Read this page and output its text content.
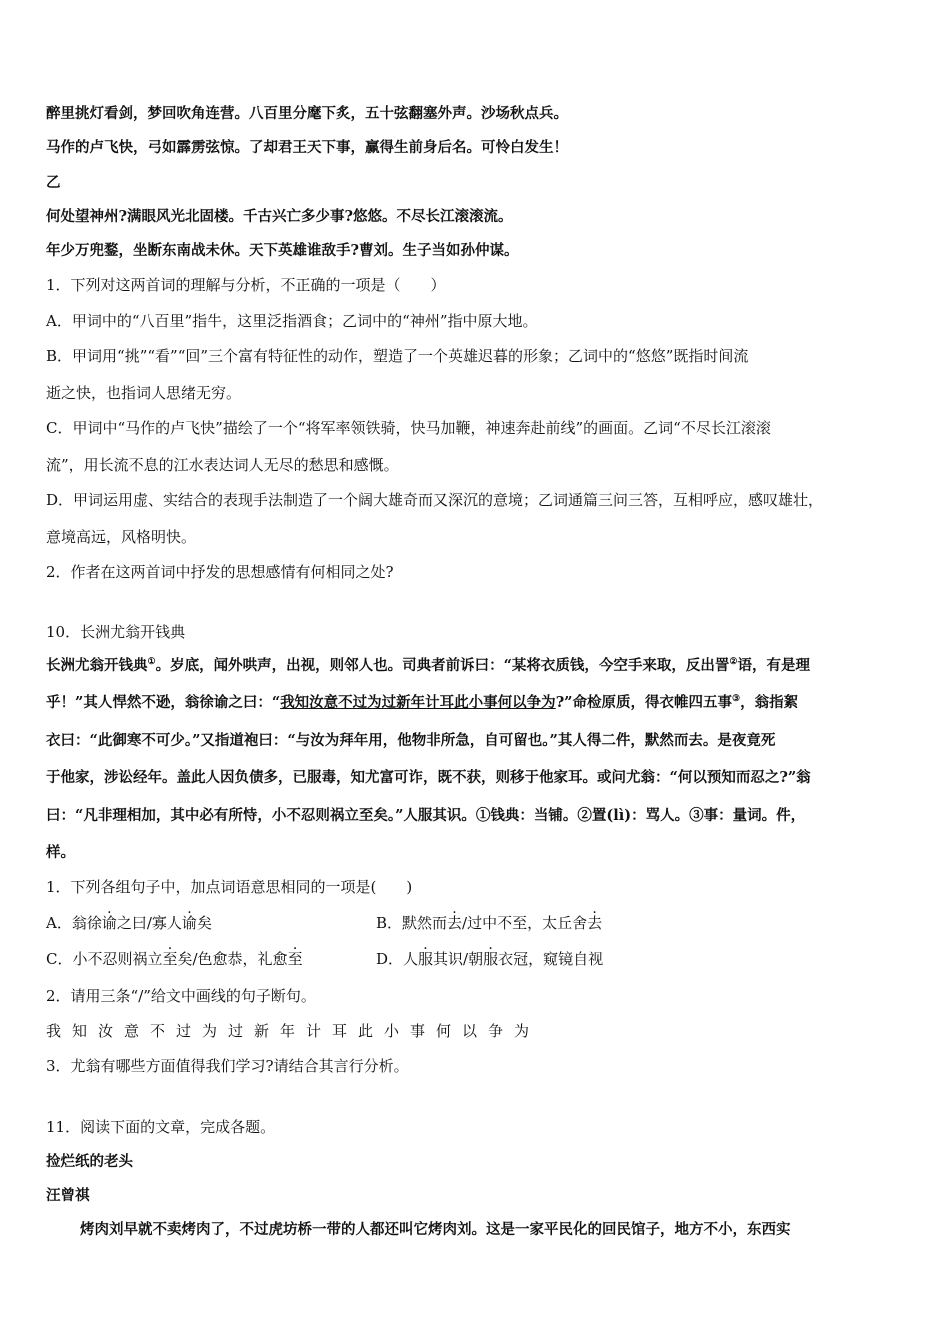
醉里挑灯看剑，梦回吹角连营。八百里分麾下炙，五十弦翻塞外声。沙场秋点兵。
马作的卢飞快，弓如霹雳弦惊。了却君王天下事，赢得生前身后名。可怜白发生！
乙
何处望神州?满眼风光北固楼。千古兴亡多少事?悠悠。不尽长江滚滚流。
年少万兜鍪，坐断东南战未休。天下英雄谁敌手?曹刘。生子当如孙仲谋。
1．下列对这两首词的理解与分析，不正确的一项是（　　）
A．甲词中的“八百里”指牛，这里泛指酒食；乙词中的“神州”指中原大地。
B．甲词用“挑”“看”“回”三个富有特征性的动作，塑造了一个英雄迟暮的形象；乙词中的“悠悠”既指时间流
逝之快，也指词人思绪无穷。
C．甲词中“马作的卢飞快”描绘了一个“将军率领铁骑，快马加鞭，神速奔赴前线”的画面。乙词“不尽长江滚滚
流”，用长流不息的江水表达词人无尽的愁思和感慨。
D．甲词运用虚、实结合的表现手法制造了一个阔大雄奇而又深沉的意境；乙词通篇三问三答，互相呼应，感叹雄壮，
意境高远，风格明快。
2．作者在这两首词中抒发的思想感情有何相同之处?
10．长洲尤翁开钱典
长洲尤翁开钱典①。岁底，闻外哄声，出视，则邻人也。司典者前诉曰：“某将衣质钱，今空手来取，反出詈②语，有是理
乎！”其人悍然不逊，翁徐谕之曰：“我知汝意不过为过新年计耳此小事何以争为?”命检原质，得衣帷四五事③，翁指絮
衣曰：“此御寒不可少。”又指道袍曰：“与汝为拜年用，他物非所急，自可留也。”其人得二件，默然而去。是夜竟死
于他家，涉讼经年。盖此人因负债多，已服毒，知尤富可诈，既不获，则移于他家耳。或问尤翁：“何以预知而忍之?”翁
曰：“凡非理相加，其中必有所恃，小不忍则祸立至矣。”人服其识。①钱典：当铺。②置(lì)：骂人。③事：量词。件，
样。
1．下列各组句子中，加点词语意思相同的一项是(　　)
A．翁徐谕之曰/寡人谕矣	B．默然而去/过中不至，太丘舍去
C．小不忍则祸立至矣/色愈恭，礼愈至	D．人服其识/朝服衣冠，窥镜自视
2．请用三条“/”给文中画线的句子断句。
我知汝意不过为过新年计耳此小事何以争为
3．尤翁有哪些方面值得我们学习?请结合其言行分析。
11．阅读下面的文章，完成各题。
捡烂纸的老头
汪曾祺
烤肉刘早就不卖烤肉了，不过虎坊桥一带的人都还叫它烤肉刘。这是一家平民化的回民馆子，地方不小，东西实
